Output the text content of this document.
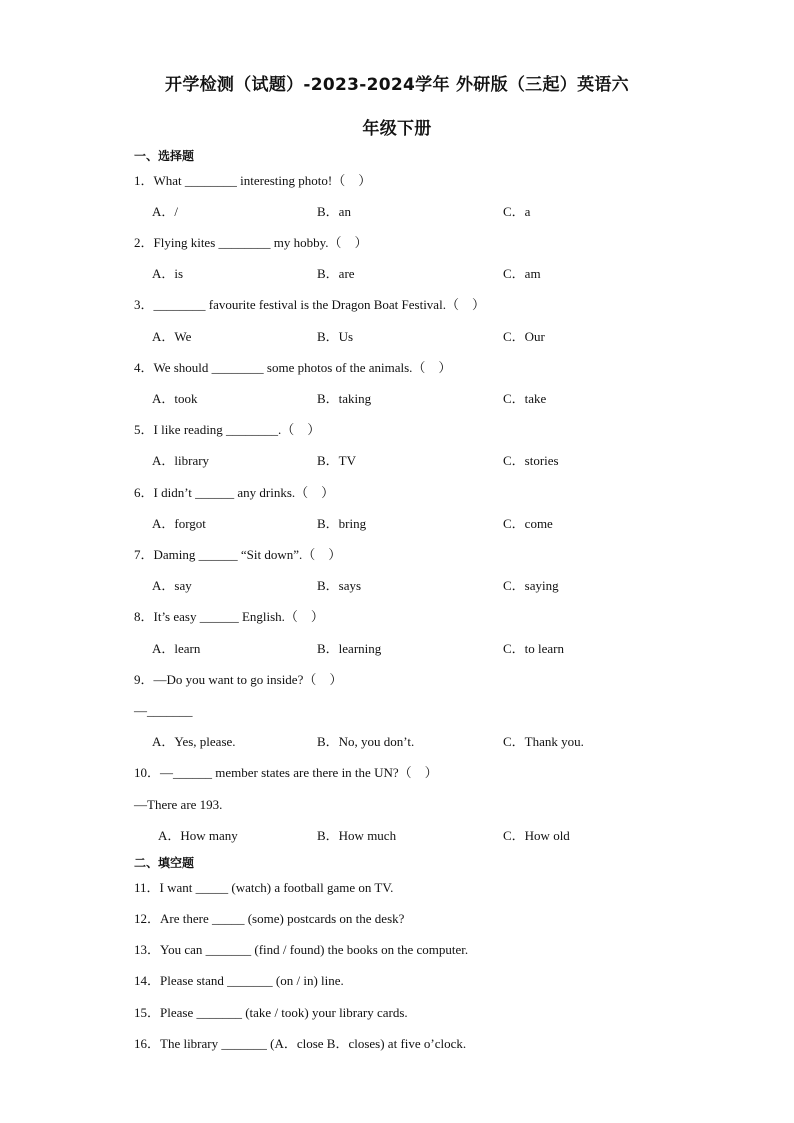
开学检测（试题）-2023-2024学年 外研版（三起）英语六
年级下册
一、选择题
1．What ________ interesting photo!（　）
A．/	B．an	C．a
2．Flying kites ________ my hobby.（　）
A．is	B．are	C．am
3．________ favourite festival is the Dragon Boat Festival.（　）
A．We	B．Us	C．Our
4．We should ________ some photos of the animals.（　）
A．took	B．taking	C．take
5．I like reading ________.（　）
A．library	B．TV	C．stories
6．I didn’t ______ any drinks.（　）
A．forgot	B．bring	C．come
7．Daming ______ “Sit down”.（　）
A．say	B．says	C．saying
8．It’s easy ______ English.（　）
A．learn	B．learning	C．to learn
9．—Do you want to go inside?（　）
—_______
A．Yes, please.	B．No, you don’t.	C．Thank you.
10．—______ member states are there in the UN?（　）
—There are 193.
A．How many	B．How much	C．How old
二、填空题
11．I want _____ (watch) a football game on TV.
12．Are there _____ (some) postcards on the desk?
13．You can _______ (find / found) the books on the computer.
14．Please stand _______ (on / in) line.
15．Please _______ (take / took) your library cards.
16．The library _______ (A．close B．closes) at five o’clock.
